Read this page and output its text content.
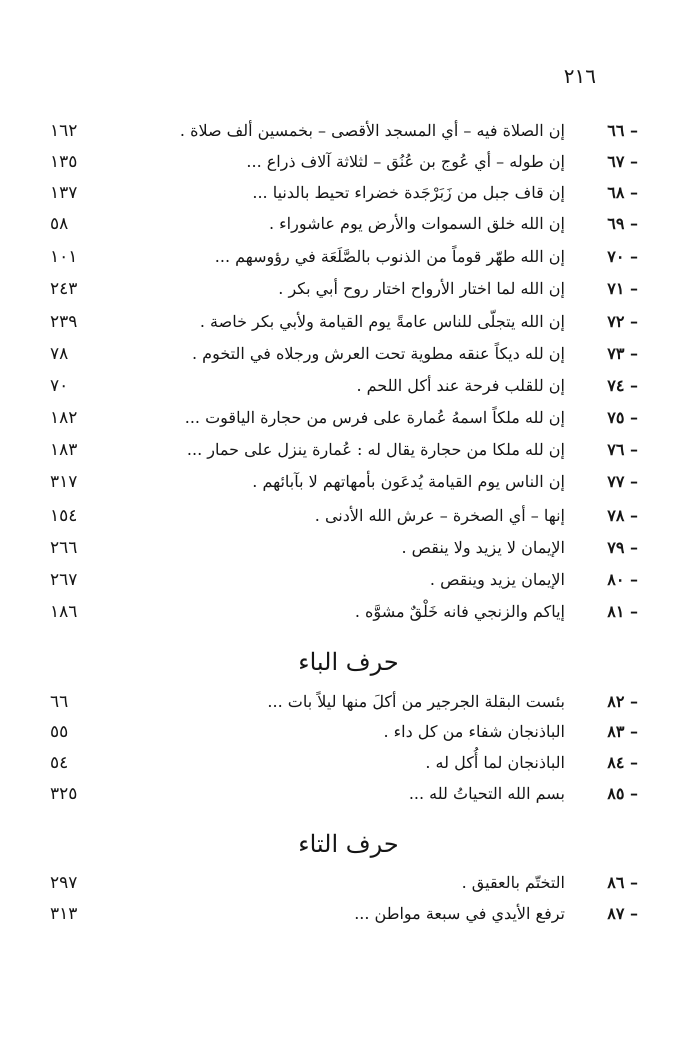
٢١٦
١٦٢	إن الصلاة فيه – أي المسجد الأقصى – بخمسين ألف صلاة .	٦٦ –
١٣٥	إن طوله – أي عُوج بن عُنُق – لثلاثة آلاف ذراع ...	٦٧ –
١٣٧	إن قاف جبل من زَبَرْجَدة خضراء تحيط بالدنيا ...	٦٨ –
٥٨	إن الله خلق السموات والأرض يوم عاشوراء .	٦٩ –
١٠١	إن الله طهّر قوماً من الذنوب بالصَّلَعَة في رؤوسهم ...	٧٠ –
٢٤٣	إن الله لما اختار الأرواح اختار روح أبي بكر .	٧١ –
٢٣٩	إن الله يتجلّى للناس عامةً يوم القيامة ولأبي بكر خاصة .	٧٢ –
٧٨	إن لله ديكاً عنقه مطوية تحت العرش ورجلاه في التخوم .	٧٣ –
٧٠	إن للقلب فرحة عند أكل اللحم .	٧٤ –
١٨٢	إن لله ملكاً اسمهُ عُمارة على فرس من حجارة الياقوت ...	٧٥ –
١٨٣	إن لله ملكا من حجارة يقال له : عُمارة ينزل على حمار ...	٧٦ –
٣١٧	إن الناس يوم القيامة يُدعَون بأمهاتهم لا بآبائهم .	٧٧ –
١٥٤	إنها – أي الصخرة – عرش الله الأدنى .	٧٨ –
٢٦٦	الإيمان لا يزيد ولا ينقص .	٧٩ –
٢٦٧	الإيمان يزيد وينقص .	٨٠ –
١٨٦	إياكم والزنجي فانه خَلْقٌ مشوَّه .	٨١ –
حرف الباء
٦٦	بئست البقلة الجرجير من أكلَ منها ليلاً بات ...	٨٢ –
٥٥	الباذنجان شفاء من كل داء .	٨٣ –
٥٤	الباذنجان لما أُكل له .	٨٤ –
٣٢٥	بسم الله التحياتُ لله ...	٨٥ –
حرف التاء
٢٩٧	التختّم بالعقيق .	٨٦ –
٣١٣	ترفع الأيدي في سبعة مواطن ...	٨٧ –
